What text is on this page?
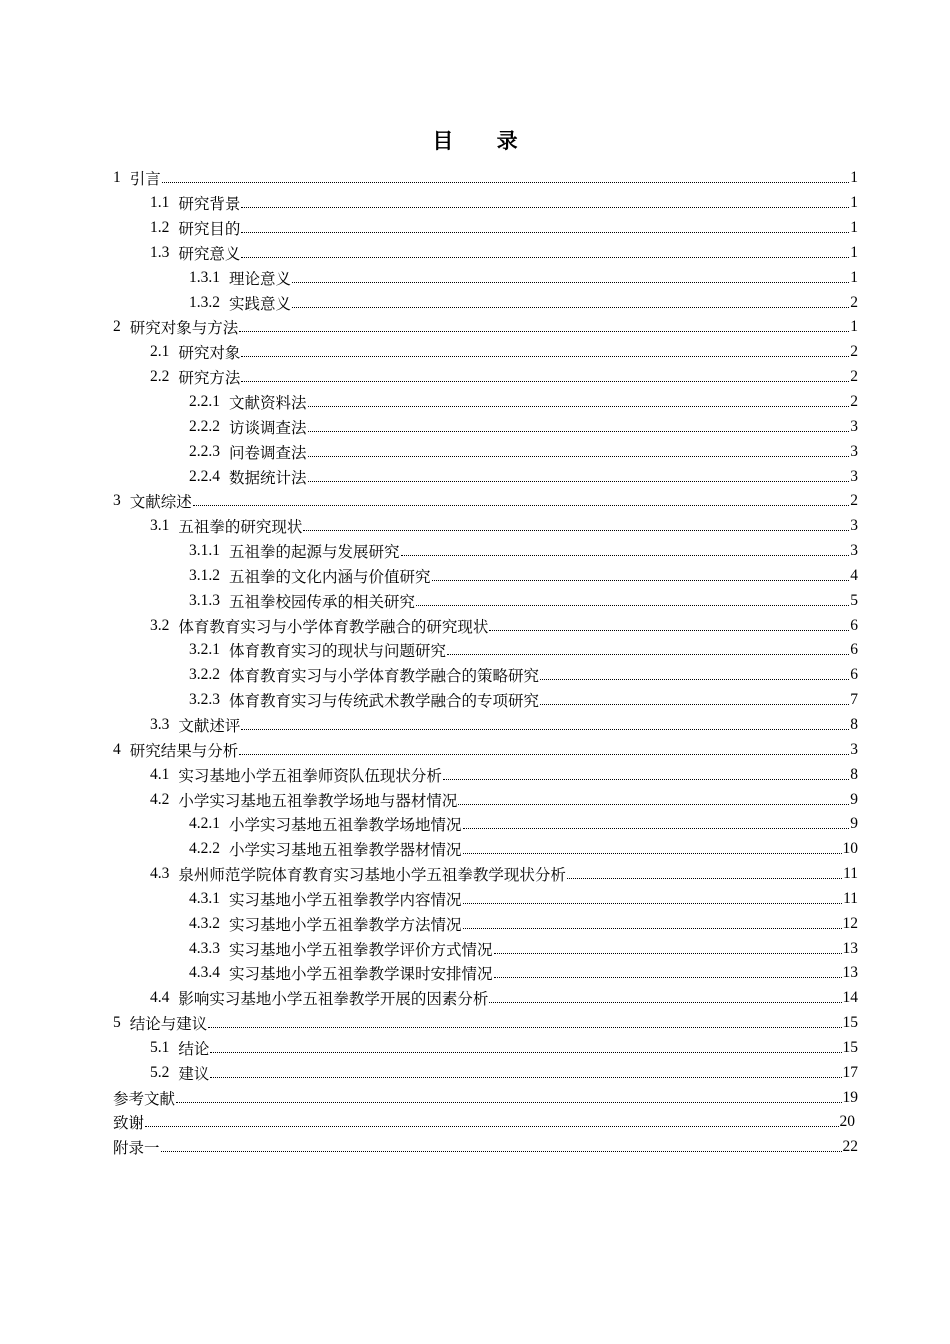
目 录
1 引言	1
1.1 研究背景	1
1.2 研究目的	1
1.3 研究意义	1
1.3.1 理论意义	1
1.3.2 实践意义	2
2 研究对象与方法	1
2.1 研究对象	2
2.2 研究方法	2
2.2.1 文献资料法	2
2.2.2 访谈调查法	3
2.2.3 问卷调查法	3
2.2.4 数据统计法	3
3 文献综述	2
3.1 五祖拳的研究现状	3
3.1.1 五祖拳的起源与发展研究	3
3.1.2 五祖拳的文化内涵与价值研究	4
3.1.3 五祖拳校园传承的相关研究	5
3.2 体育教育实习与小学体育教学融合的研究现状	6
3.2.1 体育教育实习的现状与问题研究	6
3.2.2 体育教育实习与小学体育教学融合的策略研究	6
3.2.3 体育教育实习与传统武术教学融合的专项研究	7
3.3 文献述评	8
4 研究结果与分析	3
4.1 实习基地小学五祖拳师资队伍现状分析	8
4.2 小学实习基地五祖拳教学场地与器材情况	9
4.2.1 小学实习基地五祖拳教学场地情况	9
4.2.2 小学实习基地五祖拳教学器材情况	10
4.3 泉州师范学院体育教育实习基地小学五祖拳教学现状分析	11
4.3.1 实习基地小学五祖拳教学内容情况	11
4.3.2 实习基地小学五祖拳教学方法情况	12
4.3.3 实习基地小学五祖拳教学评价方式情况	13
4.3.4 实习基地小学五祖拳教学课时安排情况	13
4.4 影响实习基地小学五祖拳教学开展的因素分析	14
5 结论与建议	15
5.1 结论	15
5.2 建议	17
参考文献	19
致谢	20
附录一	22
